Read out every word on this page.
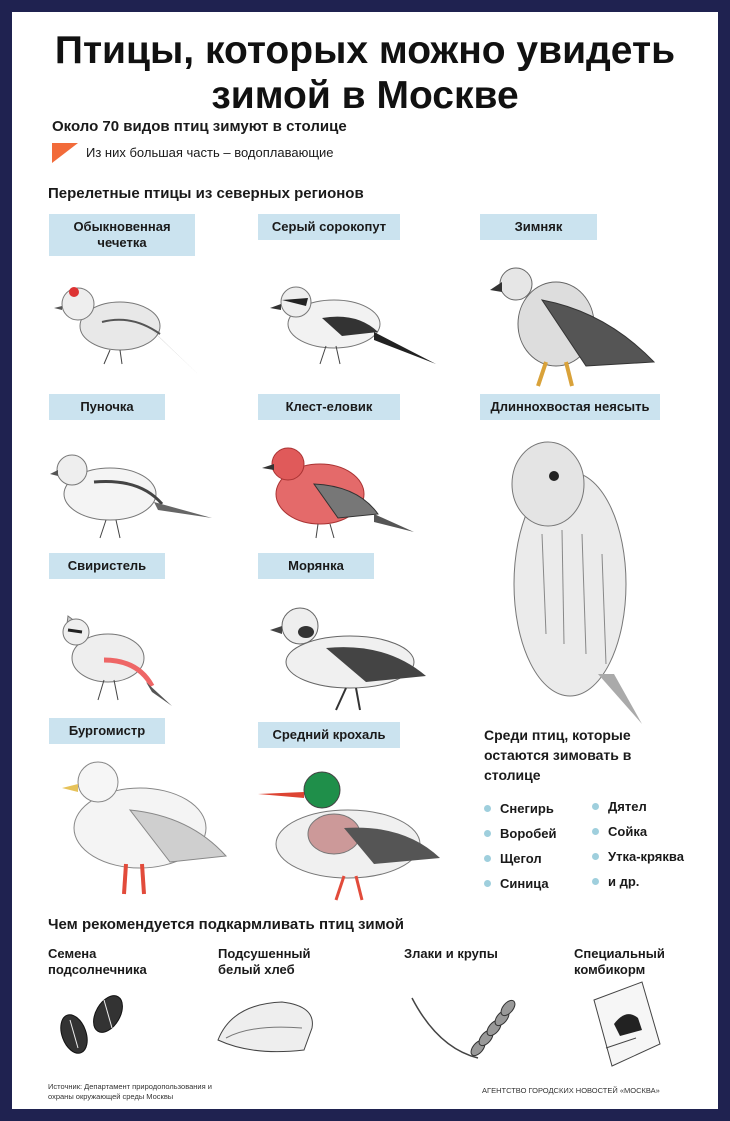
Птицы, которых можно увидеть зимой в Москве
Около 70 видов птиц зимуют в столице
Из них большая часть – водоплавающие
Перелетные птицы из северных регионов
Обыкновенная чечетка
Серый сорокопут	Зимняк
Пуночка	Клест-еловик	Длиннохвостая неясыть
Свиристель	Морянка
Бургомистр	Средний крохаль	Среди птиц, которые остаются зимовать в столице
Снегирь
Воробей
Щегол
Синица
Дятел
Сойка
Утка-кряква
и др.
Чем рекомендуется подкармливать птиц зимой
Семена подсолнечника
Подсушенный белый хлеб
Злаки и крупы	Специальный комбикорм
Источник: Департамент природопользования и охраны окружающей среды Москвы
АГЕНТСТВО ГОРОДСКИХ НОВОСТЕЙ «МОСКВА»
